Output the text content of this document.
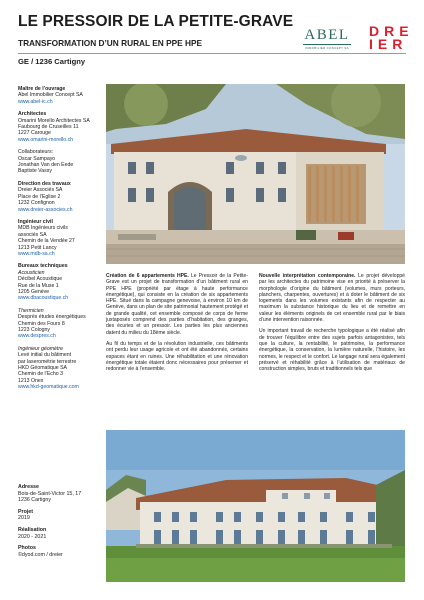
LE PRESSOIR DE LA PETITE-GRAVE
TRANSFORMATION D’UN RURAL EN PPE HPE
GE / 1236 Cartigny
ABEL
IMMOBILIER CONCEPT SA
DRE
IER
Maître de l’ouvrage
Abel Immobilier Concept SA
www.abel-ic.ch
Architectes
Omarini Morello Architectes SA
Faubourg de Cruseilles 11
1227 Carouge
www.omarini-morello.ch
Collaborateurs:
Oscar Sampayo
Jonathan Van den Eede
Baptiste Vassy
Direction des travaux
Dreier Associés SA
Place de l’Eglise 2
1232 Confignon
www.dreier-associes.ch
Ingénieur civil
MDB Ingénieurs civils
associés SA
Chemin de la Vendée 27
1213 Petit Lancy
www.mdb-sa.ch
Bureaux techniques
Acousticien
Décibel Acoustique
Rue de la Muse 1
1205 Genève
www.dbacoustique.ch
Thermicien
Desprès études énergétiques
Chemin des Fours 8
1223 Cologny
www.despres.ch
Ingénieur géomètre
Levé initial du bâtiment
par laserométrie terrestre
HKD Géomatique SA
Chemin de l’Echo 3
1213 Onex
www.hkd-geomatique.com

Création de 6 appartements HPE. Le Pressoir de la Petite-Grave est un projet de transformation d’un bâtiment rural en PPE HPE (propriété par étage à haute performance énergétique), qui consiste en la création de six appartements HPE. Situé dans la campagne genevoise, à environ 10 km de Genève, dans un plan de site patrimonial hautement protégé et de grande qualité, cet ensemble composé de corps de ferme juxtaposés comprend des parties d’habitation, des granges, des écuries et un pressoir. Les parties les plus anciennes datent du milieu du 18ème siècle.

Au fil du temps et de la révolution industrielle, ces bâtiments ont perdu leur usage agricole et ont été abandonnés, certains espaces étant en ruines. Une réhabilitation et une rénovation énergétique totale étaient donc nécessaires pour préserver et redonner vie à l’ensemble.

Nouvelle interprétation contemporaine. Le projet développé par les architectes du patrimoine vise en priorité à préserver la morphologie d’origine du bâtiment (volumes, murs porteurs, planchers, charpentes, ouvertures) et à doter le bâtiment de six logements dans les volumes existants afin de respecter au maximum la substance historique du lieu et de remettre en valeur les éléments originels de cet ensemble rural par le biais d’une intervention raisonnée.

Un important travail de recherche typologique a été réalisé afin de trouver l’équilibre entre des sujets parfois antagonistes, tels que la culture, la rentabilité, le patrimoine, la performance énergétique, la conservation, la lumière naturelle, l’histoire, les normes, le respect et le confort. Le langage rural sera également préservé et réhabilité grâce à l’utilisation de matériaux de construction simples, bruts et traditionnels tels que

Adresse
Bois-de-Saint-Victor 15, 17
1236 Cartigny
Projet
2019
Réalisation
2020 - 2021
Photos
©dyod.com / dreier
